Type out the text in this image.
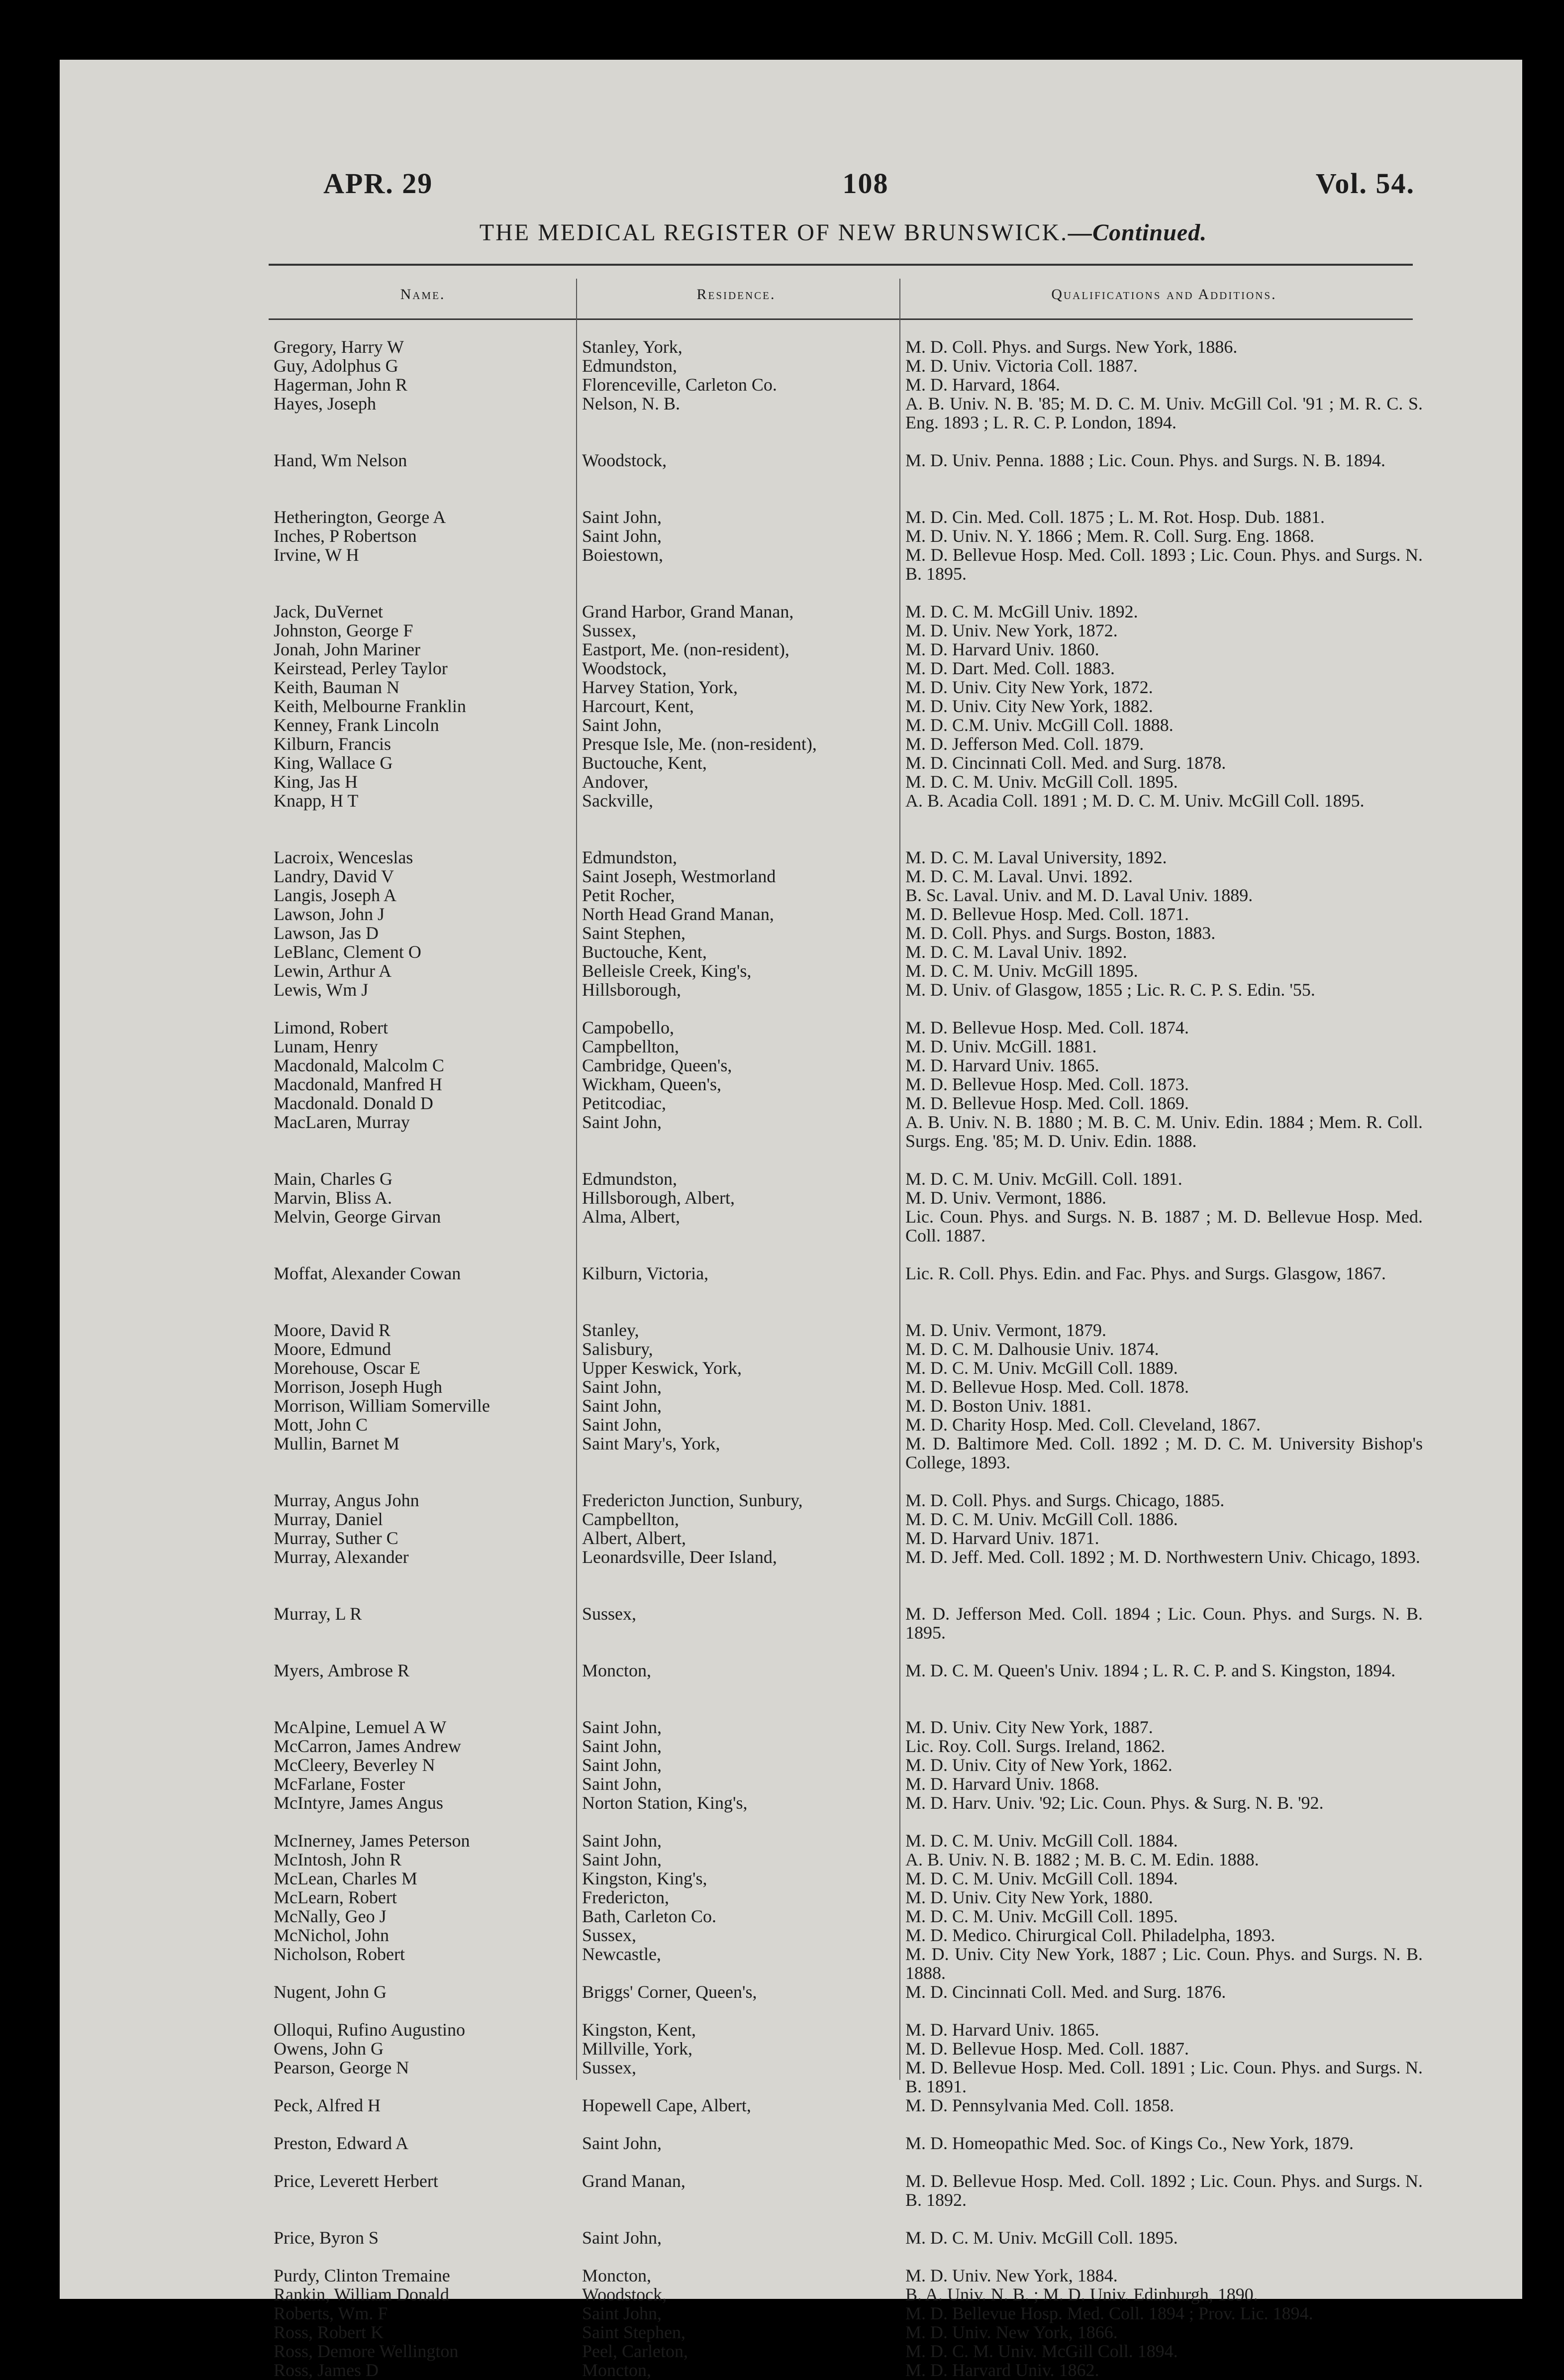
APR. 29	108	Vol. 54.
THE MEDICAL REGISTER OF NEW BRUNSWICK.—Continued.
Name.	Residence.	Qualifications and Additions.
Gregory, Harry W	Stanley, York,	M. D. Coll. Phys. and Surgs. New York, 1886.
Guy, Adolphus G	Edmundston,	M. D. Univ. Victoria Coll. 1887.
Hagerman, John R	Florenceville, Carleton Co.	M. D. Harvard, 1864.
Hayes, Joseph	Nelson, N. B.	A. B. Univ. N. B. '85; M. D. C. M. Univ. McGill Col. '91 ; M. R. C. S. Eng. 1893 ; L. R. C. P. London, 1894.
Hand, Wm Nelson	Woodstock,	M. D. Univ. Penna. 1888 ; Lic. Coun. Phys. and Surgs. N. B. 1894.
Hetherington, George A	Saint John,	M. D. Cin. Med. Coll. 1875 ; L. M. Rot. Hosp. Dub. 1881.
Inches, P Robertson	Saint John,	M. D. Univ. N. Y. 1866 ; Mem. R. Coll. Surg. Eng. 1868.
Irvine, W H	Boiestown,	M. D. Bellevue Hosp. Med. Coll. 1893 ; Lic. Coun. Phys. and Surgs. N. B. 1895.
Jack, DuVernet	Grand Harbor, Grand Manan,	M. D. C. M. McGill Univ. 1892.
Johnston, George F	Sussex,	M. D. Univ. New York, 1872.
Jonah, John Mariner	Eastport, Me. (non-resident),	M. D. Harvard Univ. 1860.
Keirstead, Perley Taylor	Woodstock,	M. D. Dart. Med. Coll. 1883.
Keith, Bauman N	Harvey Station, York,	M. D. Univ. City New York, 1872.
Keith, Melbourne Franklin	Harcourt, Kent,	M. D. Univ. City New York, 1882.
Kenney, Frank Lincoln	Saint John,	M. D. C.M. Univ. McGill Coll. 1888.
Kilburn, Francis	Presque Isle, Me. (non-resident),	M. D. Jefferson Med. Coll. 1879.
King, Wallace G	Buctouche, Kent,	M. D. Cincinnati Coll. Med. and Surg. 1878.
King, Jas H	Andover,	M. D. C. M. Univ. McGill Coll. 1895.
Knapp, H T	Sackville,	A. B. Acadia Coll. 1891 ; M. D. C. M. Univ. McGill Coll. 1895.
Lacroix, Wenceslas	Edmundston,	M. D. C. M. Laval University, 1892.
Landry, David V	Saint Joseph, Westmorland	M. D. C. M. Laval. Unvi. 1892.
Langis, Joseph A	Petit Rocher,	B. Sc. Laval. Univ. and M. D. Laval Univ. 1889.
Lawson, John J	North Head Grand Manan,	M. D. Bellevue Hosp. Med. Coll. 1871.
Lawson, Jas D	Saint Stephen,	M. D. Coll. Phys. and Surgs. Boston, 1883.
LeBlanc, Clement O	Buctouche, Kent,	M. D. C. M. Laval Univ. 1892.
Lewin, Arthur A	Belleisle Creek, King's,	M. D. C. M. Univ. McGill 1895.
Lewis, Wm J	Hillsborough,	M. D. Univ. of Glasgow, 1855 ; Lic. R. C. P. S. Edin. '55.
Limond, Robert	Campobello,	M. D. Bellevue Hosp. Med. Coll. 1874.
Lunam, Henry	Campbellton,	M. D. Univ. McGill. 1881.
Macdonald, Malcolm C	Cambridge, Queen's,	M. D. Harvard Univ. 1865.
Macdonald, Manfred H	Wickham, Queen's,	M. D. Bellevue Hosp. Med. Coll. 1873.
Macdonald. Donald D	Petitcodiac,	M. D. Bellevue Hosp. Med. Coll. 1869.
MacLaren, Murray	Saint John,	A. B. Univ. N. B. 1880 ; M. B. C. M. Univ. Edin. 1884 ; Mem. R. Coll. Surgs. Eng. '85; M. D. Univ. Edin. 1888.
Main, Charles G	Edmundston,	M. D. C. M. Univ. McGill. Coll. 1891.
Marvin, Bliss A.	Hillsborough, Albert,	M. D. Univ. Vermont, 1886.
Melvin, George Girvan	Alma, Albert,	Lic. Coun. Phys. and Surgs. N. B. 1887 ; M. D. Bellevue Hosp. Med. Coll. 1887.
Moffat, Alexander Cowan	Kilburn, Victoria,	Lic. R. Coll. Phys. Edin. and Fac. Phys. and Surgs. Glasgow, 1867.
Moore, David R	Stanley,	M. D. Univ. Vermont, 1879.
Moore, Edmund	Salisbury,	M. D. C. M. Dalhousie Univ. 1874.
Morehouse, Oscar E	Upper Keswick, York,	M. D. C. M. Univ. McGill Coll. 1889.
Morrison, Joseph Hugh	Saint John,	M. D. Bellevue Hosp. Med. Coll. 1878.
Morrison, William Somerville	Saint John,	M. D. Boston Univ. 1881.
Mott, John C	Saint John,	M. D. Charity Hosp. Med. Coll. Cleveland, 1867.
Mullin, Barnet M	Saint Mary's, York,	M. D. Baltimore Med. Coll. 1892 ; M. D. C. M. University Bishop's College, 1893.
Murray, Angus John	Fredericton Junction, Sunbury,	M. D. Coll. Phys. and Surgs. Chicago, 1885.
Murray, Daniel	Campbellton,	M. D. C. M. Univ. McGill Coll. 1886.
Murray, Suther C	Albert, Albert,	M. D. Harvard Univ. 1871.
Murray, Alexander	Leonardsville, Deer Island,	M. D. Jeff. Med. Coll. 1892 ; M. D. Northwestern Univ. Chicago, 1893.
Murray, L R	Sussex,	M. D. Jefferson Med. Coll. 1894 ; Lic. Coun. Phys. and Surgs. N. B. 1895.
Myers, Ambrose R	Moncton,	M. D. C. M. Queen's Univ. 1894 ; L. R. C. P. and S. Kingston, 1894.
McAlpine, Lemuel A W	Saint John,	M. D. Univ. City New York, 1887.
McCarron, James Andrew	Saint John,	Lic. Roy. Coll. Surgs. Ireland, 1862.
McCleery, Beverley N	Saint John,	M. D. Univ. City of New York, 1862.
McFarlane, Foster	Saint John,	M. D. Harvard Univ. 1868.
McIntyre, James Angus	Norton Station, King's,	M. D. Harv. Univ. '92; Lic. Coun. Phys. & Surg. N. B. '92.
McInerney, James Peterson	Saint John,	M. D. C. M. Univ. McGill Coll. 1884.
McIntosh, John R	Saint John,	A. B. Univ. N. B. 1882 ; M. B. C. M. Edin. 1888.
McLean, Charles M	Kingston, King's,	M. D. C. M. Univ. McGill Coll. 1894.
McLearn, Robert	Fredericton,	M. D. Univ. City New York, 1880.
McNally, Geo J	Bath, Carleton Co.	M. D. C. M. Univ. McGill Coll. 1895.
McNichol, John	Sussex,	M. D. Medico. Chirurgical Coll. Philadelpha, 1893.
Nicholson, Robert	Newcastle,	M. D. Univ. City New York, 1887 ; Lic. Coun. Phys. and Surgs. N. B. 1888.
Nugent, John G	Briggs' Corner, Queen's,	M. D. Cincinnati Coll. Med. and Surg. 1876.
Olloqui, Rufino Augustino	Kingston, Kent,	M. D. Harvard Univ. 1865.
Owens, John G	Millville, York,	M. D. Bellevue Hosp. Med. Coll. 1887.
Pearson, George N	Sussex,	M. D. Bellevue Hosp. Med. Coll. 1891 ; Lic. Coun. Phys. and Surgs. N. B. 1891.
Peck, Alfred H	Hopewell Cape, Albert,	M. D. Pennsylvania Med. Coll. 1858.
Preston, Edward A	Saint John,	M. D. Homeopathic Med. Soc. of Kings Co., New York, 1879.
Price, Leverett Herbert	Grand Manan,	M. D. Bellevue Hosp. Med. Coll. 1892 ; Lic. Coun. Phys. and Surgs. N. B. 1892.
Price, Byron S	Saint John,	M. D. C. M. Univ. McGill Coll. 1895.
Purdy, Clinton Tremaine	Moncton,	M. D. Univ. New York, 1884.
Rankin, William Donald	Woodstock,	B. A. Univ. N. B. ; M. D. Univ. Edinburgh, 1890.
Roberts, Wm. F	Saint John,	M. D. Bellevue Hosp. Med. Coll. 1894 ; Prov. Lic. 1894.
Ross, Robert K	Saint Stephen,	M. D. Univ. New York, 1866.
Ross, Demore Wellington	Peel, Carleton,	M. D. C. M. Univ. McGill Coll. 1894.
Ross, James D	Moncton,	M. D. Harvard Univ. 1862.
